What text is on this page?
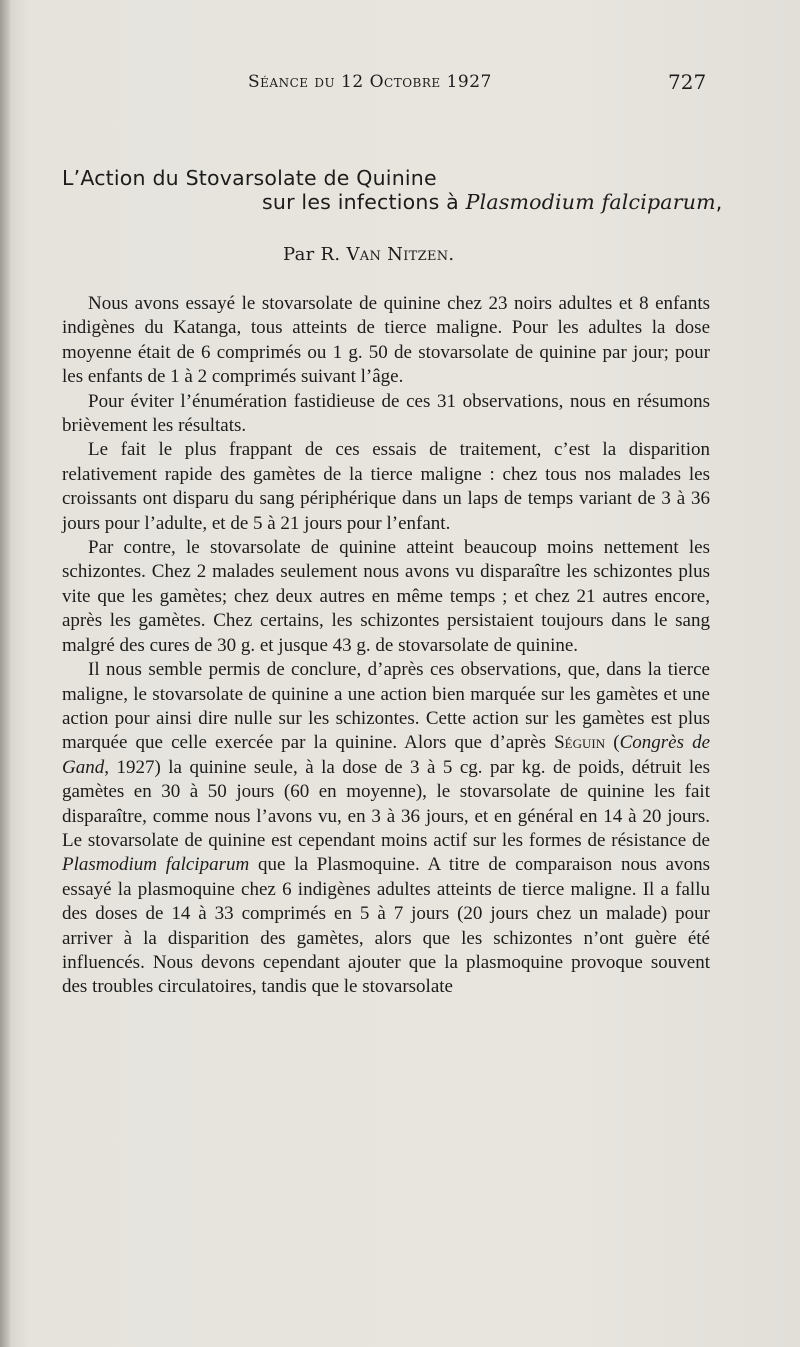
Séance du 12 Octobre 1927	727
L’Action du Stovarsolate de Quinine
sur les infections à Plasmodium falciparum,
Par R. Van Nitzen.

Nous avons essayé le stovarsolate de quinine chez 23 noirs adultes et 8 enfants indigènes du Katanga, tous atteints de tierce maligne. Pour les adultes la dose moyenne était de 6 comprimés ou 1 g. 50 de stovarsolate de quinine par jour; pour les enfants de 1 à 2 comprimés suivant l’âge.

Pour éviter l’énumération fastidieuse de ces 31 observations, nous en résumons brièvement les résultats.

Le fait le plus frappant de ces essais de traitement, c’est la disparition relativement rapide des gamètes de la tierce maligne : chez tous nos malades les croissants ont disparu du sang périphérique dans un laps de temps variant de 3 à 36 jours pour l’adulte, et de 5 à 21 jours pour l’enfant.

Par contre, le stovarsolate de quinine atteint beaucoup moins nettement les schizontes. Chez 2 malades seulement nous avons vu disparaître les schizontes plus vite que les gamètes; chez deux autres en même temps ; et chez 21 autres encore, après les gamètes. Chez certains, les schizontes persistaient toujours dans le sang malgré des cures de 30 g. et jusque 43 g. de stovarsolate de quinine.

Il nous semble permis de conclure, d’après ces observations, que, dans la tierce maligne, le stovarsolate de quinine a une action bien marquée sur les gamètes et une action pour ainsi dire nulle sur les schizontes. Cette action sur les gamètes est plus marquée que celle exercée par la quinine. Alors que d’après Séguin (Congrès de Gand, 1927) la quinine seule, à la dose de 3 à 5 cg. par kg. de poids, détruit les gamètes en 30 à 50 jours (60 en moyenne), le stovarsolate de quinine les fait disparaître, comme nous l’avons vu, en 3 à 36 jours, et en général en 14 à 20 jours. Le stovarsolate de quinine est cependant moins actif sur les formes de résistance de Plasmodium falciparum que la Plasmoquine. A titre de comparaison nous avons essayé la plasmoquine chez 6 indigènes adultes atteints de tierce maligne. Il a fallu des doses de 14 à 33 comprimés en 5 à 7 jours (20 jours chez un malade) pour arriver à la disparition des gamètes, alors que les schizontes n’ont guère été influencés. Nous devons cependant ajouter que la plasmoquine provoque souvent des troubles circulatoires, tandis que le stovarsolate
